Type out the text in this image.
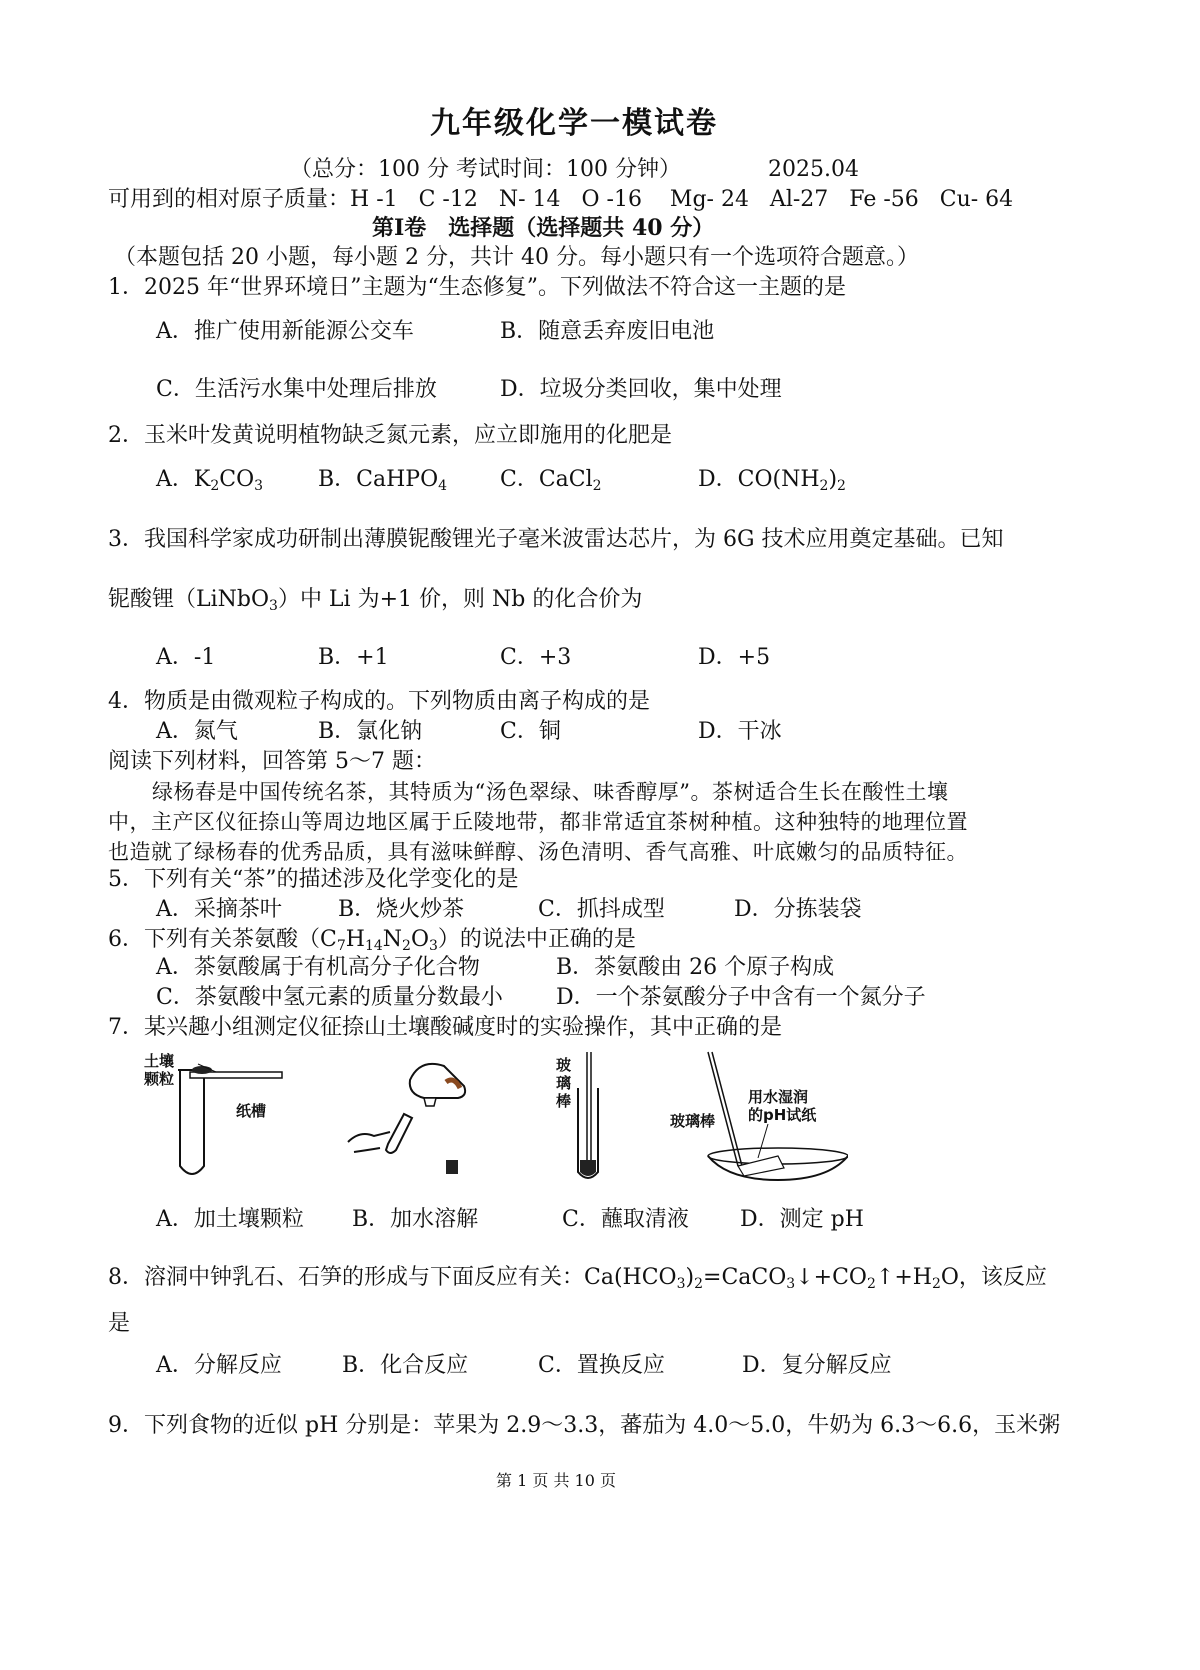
九年级化学一模试卷
（总分：100 分 考试时间：100 分钟）	2025.04
可用到的相对原子质量：H -1   C -12   N- 14   O -16    Mg- 24   Al-27   Fe -56   Cu- 64
第Ⅰ卷　选择题（选择题共 40 分）
（本题包括 20 小题，每小题 2 分，共计 40 分。每小题只有一个选项符合题意。）
1．2025 年“世界环境日”主题为“生态修复”。下列做法不符合这一主题的是
A．推广使用新能源公交车	B．随意丢弃废旧电池
C．生活污水集中处理后排放	D．垃圾分类回收，集中处理
2．玉米叶发黄说明植物缺乏氮元素，应立即施用的化肥是
A．$K_2CO_3$ B．CaHPO$_4$ C．CaCl$_2$	D．$CO(NH_2)_2$
3．我国科学家成功研制出薄膜铌酸锂光子毫米波雷达芯片，为 6G 技术应用奠定基础。已知
铌酸锂（LiNbO$_3$）中 Li 为+1 价，则 Nb 的化合价为
A．-1	B．+1	C．+3	D．+5
4．物质是由微观粒子构成的。下列物质由离子构成的是
A．氮气	B．氯化钠	C．铜	D．干冰
阅读下列材料，回答第 5～7 题：
绿杨春是中国传统名茶，其特质为“汤色翠绿、味香醇厚”。茶树适合生长在酸性土壤
中，主产区仪征捺山等周边地区属于丘陵地带，都非常适宜茶树种植。这种独特的地理位置
也造就了绿杨春的优秀品质，具有滋味鲜醇、汤色清明、香气高雅、叶底嫩匀的品质特征。
5．下列有关“茶”的描述涉及化学变化的是
A．采摘茶叶	B．烧火炒茶	C．抓抖成型	D．分拣装袋
6．下列有关茶氨酸$(C_7H_{14}N_2O_3)$的说法中正确的是
A．茶氨酸属于有机高分子化合物	B．茶氨酸由 26 个原子构成
C．茶氨酸中氢元素的质量分数最小 D．一个茶氨酸分子中含有一个氮分子
7．某兴趣小组测定仪征捺山土壤酸碱度时的实验操作，其中正确的是
土壤
颗粒
纸槽
玻
璃
棒	用水湿润
的pH试纸
玻璃棒
A．加土壤颗粒 B．加水溶解	C．蘸取清液 D．测定 pH
8．溶洞中钟乳石、石笋的形成与下面反应有关：$Ca(HCO_3)_2=CaCO_3↓+CO_2↑+H_2O$，该反应
是
A．分解反应	B．化合反应	C．置换反应	D．复分解反应
9．下列食物的近似 pH 分别是：苹果为 2.9～3.3，蕃茄为 4.0～5.0，牛奶为 6.3～6.6，玉米粥
第 1 页 共 10 页
